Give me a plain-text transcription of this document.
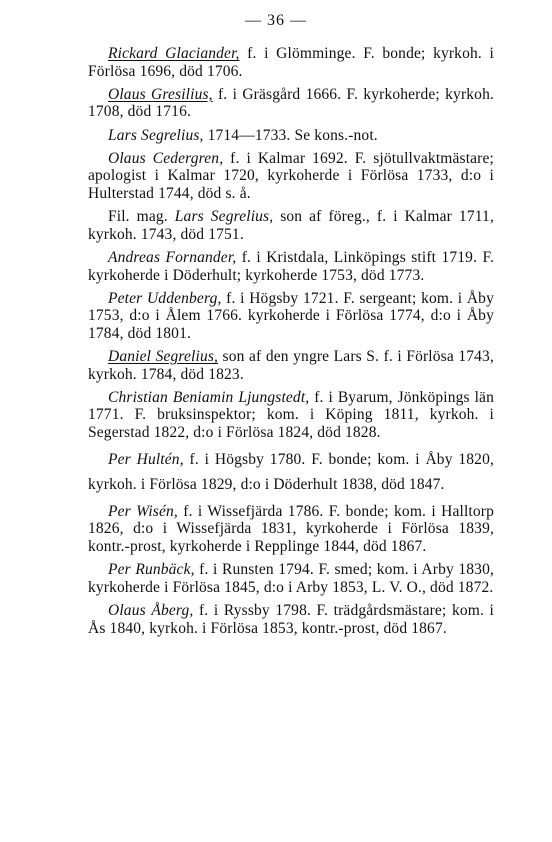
— 36 —

Rickard Glaciander, f. i Glömminge. F. bonde; kyrkoh. i Förlösa 1696, död 1706.

Olaus Gresilius, f. i Gräsgård 1666. F. kyrkoherde; kyrkoh. 1708, död 1716.

Lars Segrelius, 1714—1733. Se kons.-not.

Olaus Cedergren, f. i Kalmar 1692. F. sjötullvaktmästare; apologist i Kalmar 1720, kyrkoherde i Förlösa 1733, d:o i Hulterstad 1744, död s. å.

Fil. mag. Lars Segrelius, son af föreg., f. i Kalmar 1711, kyrkoh. 1743, död 1751.

Andreas Fornander, f. i Kristdala, Linköpings stift 1719. F. kyrkoherde i Döderhult; kyrkoherde 1753, död 1773.

Peter Uddenberg, f. i Högsby 1721. F. sergeant; kom. i Åby 1753, d:o i Ålem 1766. kyrkoherde i Förlösa 1774, d:o i Åby 1784, död 1801.

Daniel Segrelius, son af den yngre Lars S. f. i Förlösa 1743, kyrkoh. 1784, död 1823.

Christian Beniamin Ljungstedt, f. i Byarum, Jönköpings län 1771. F. bruksinspektor; kom. i Köping 1811, kyrkoh. i Segerstad 1822, d:o i Förlösa 1824, död 1828.

Per Hultén, f. i Högsby 1780. F. bonde; kom. i Åby 1820, kyrkoh. i Förlösa 1829, d:o i Döderhult 1838, död 1847.

Per Wisén, f. i Wissefjärda 1786. F. bonde; kom. i Halltorp 1826, d:o i Wissefjärda 1831, kyrkoherde i Förlösa 1839, kontr.-prost, kyrkoherde i Repplinge 1844, död 1867.

Per Runbäck, f. i Runsten 1794. F. smed; kom. i Arby 1830, kyrkoherde i Förlösa 1845, d:o i Arby 1853, L. V. O., död 1872.

Olaus Åberg, f. i Ryssby 1798. F. trädgårdsmästare; kom. i Ås 1840, kyrkoh. i Förlösa 1853, kontr.-prost, död 1867.
